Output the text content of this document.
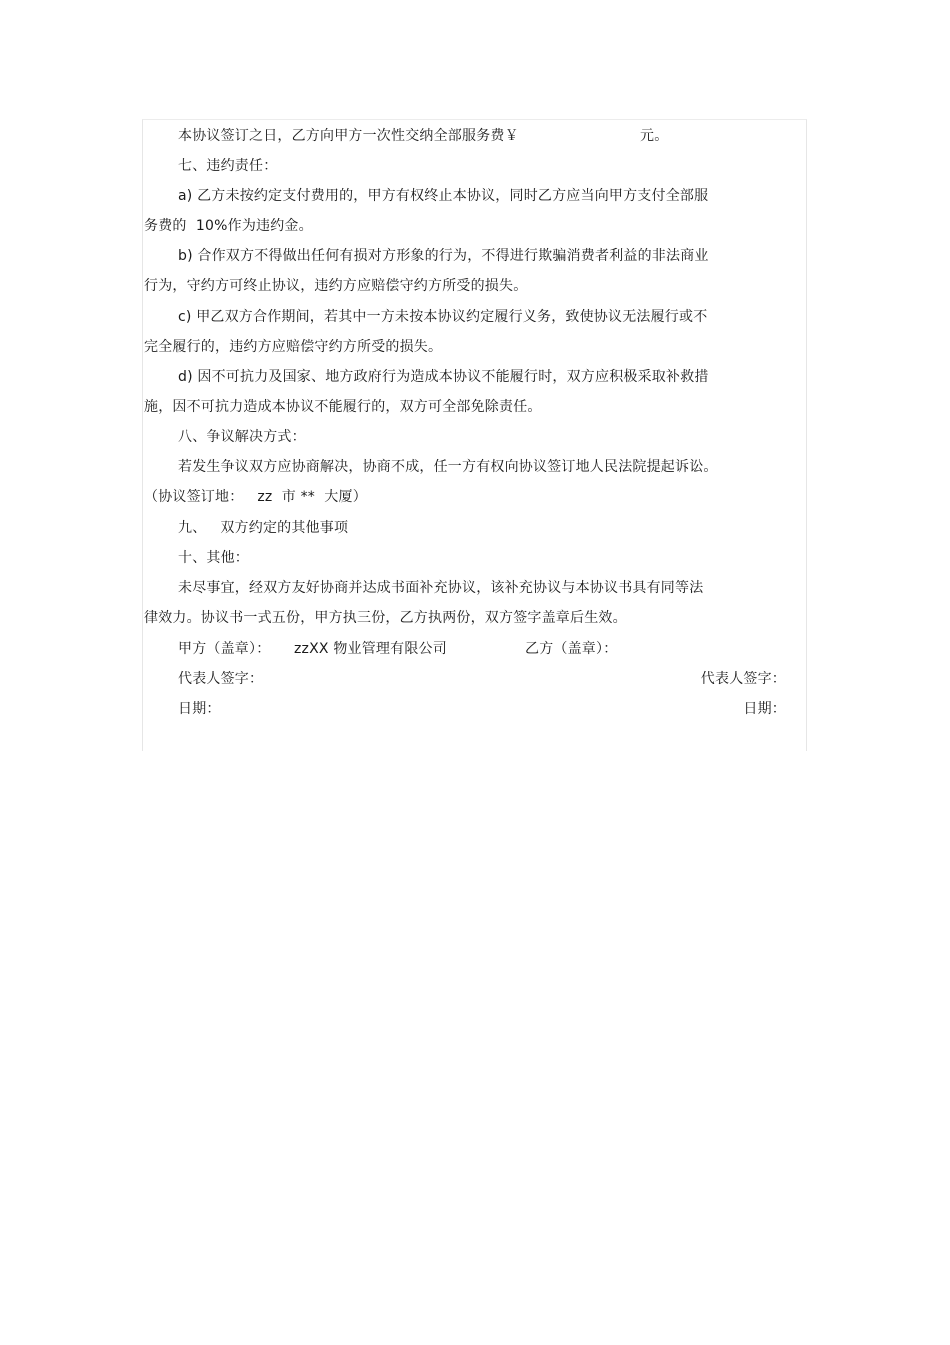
本协议签订之日，乙方向甲方一次性交纳全部服务费￥	元。
七、违约责任：
a) 乙方未按约定支付费用的，甲方有权终止本协议，同时乙方应当向甲方支付全部服
务费的  10%作为违约金。
b) 合作双方不得做出任何有损对方形象的行为，不得进行欺骗消费者利益的非法商业
行为，守约方可终止协议，违约方应赔偿守约方所受的损失。
c) 甲乙双方合作期间，若其中一方未按本协议约定履行义务，致使协议无法履行或不
完全履行的，违约方应赔偿守约方所受的损失。
d) 因不可抗力及国家、地方政府行为造成本协议不能履行时，双方应积极采取补救措
施，因不可抗力造成本协议不能履行的，双方可全部免除责任。
八、争议解决方式：
若发生争议双方应协商解决，协商不成，任一方有权向协议签订地人民法院提起诉讼。
（协议签订地：   zz  市 **  大厦）
九、   双方约定的其他事项
十、其他：
未尽事宜，经双方友好协商并达成书面补充协议，该补充协议与本协议书具有同等法
律效力。协议书一式五份，甲方执三份，乙方执两份，双方签字盖章后生效。
甲方（盖章）： zzXX 物业管理有限公司	乙方（盖章）：
代表人签字：	代表人签字：
日期：	日期：
